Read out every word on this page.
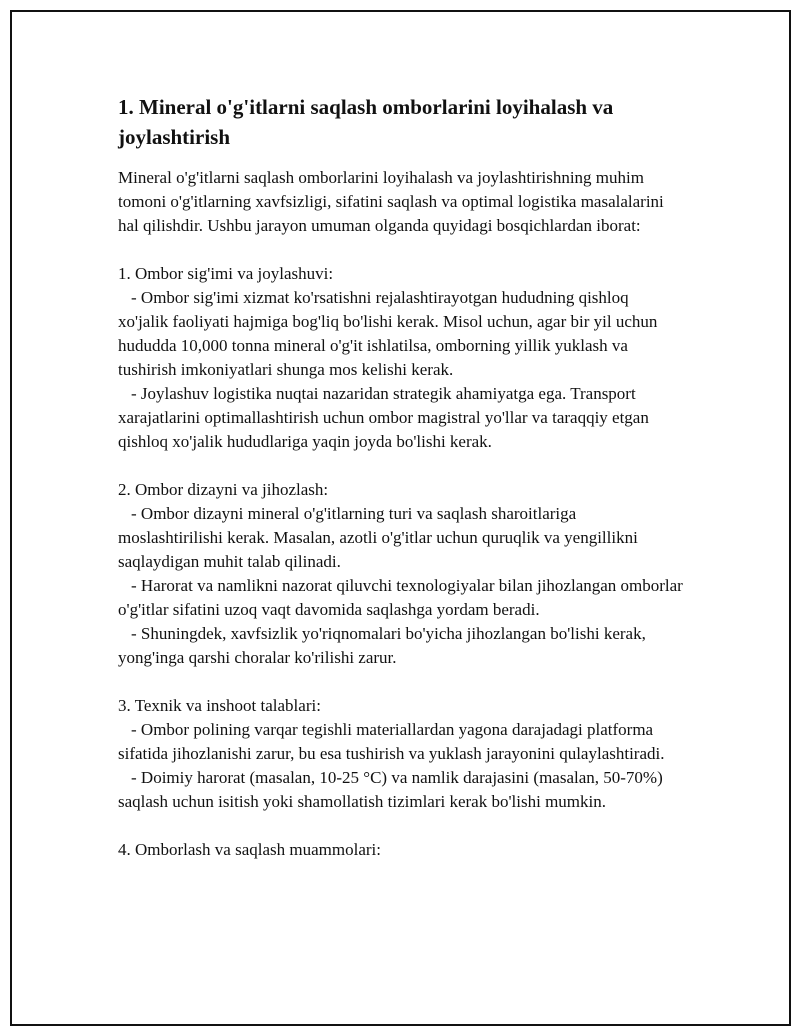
1. Mineral o'g'itlarni saqlash omborlarini loyihalash va joylashtirish

Mineral o'g'itlarni saqlash omborlarini loyihalash va joylashtirishning muhim tomoni o'g'itlarning xavfsizligi, sifatini saqlash va optimal logistika masalalarini hal qilishdir. Ushbu jarayon umuman olganda quyidagi bosqichlardan iborat:

1. Ombor sig'imi va joylashuvi:

- Ombor sig'imi xizmat ko'rsatishni rejalashtirayotgan hududning qishloq xo'jalik faoliyati hajmiga bog'liq bo'lishi kerak. Misol uchun, agar bir yil uchun hududda 10,000 tonna mineral o'g'it ishlatilsa, omborning yillik yuklash va tushirish imkoniyatlari shunga mos kelishi kerak.

- Joylashuv logistika nuqtai nazaridan strategik ahamiyatga ega. Transport xarajatlarini optimallashtirish uchun ombor magistral yo'llar va taraqqiy etgan qishloq xo'jalik hududlariga yaqin joyda bo'lishi kerak.

2. Ombor dizayni va jihozlash:

- Ombor dizayni mineral o'g'itlarning turi va saqlash sharoitlariga moslashtirilishi kerak. Masalan, azotli o'g'itlar uchun quruqlik va yengillikni saqlaydigan muhit talab qilinadi.

- Harorat va namlikni nazorat qiluvchi texnologiyalar bilan jihozlangan omborlar o'g'itlar sifatini uzoq vaqt davomida saqlashga yordam beradi.

- Shuningdek, xavfsizlik yo'riqnomalari bo'yicha jihozlangan bo'lishi kerak, yong'inga qarshi choralar ko'rilishi zarur.

3. Texnik va inshoot talablari:

- Ombor polining varqar tegishli materiallardan yagona darajadagi platforma sifatida jihozlanishi zarur, bu esa tushirish va yuklash jarayonini qulaylashtiradi.

- Doimiy harorat (masalan, 10-25 °C) va namlik darajasini (masalan, 50-70%) saqlash uchun isitish yoki shamollatish tizimlari kerak bo'lishi mumkin.

4. Omborlash va saqlash muammolari:
